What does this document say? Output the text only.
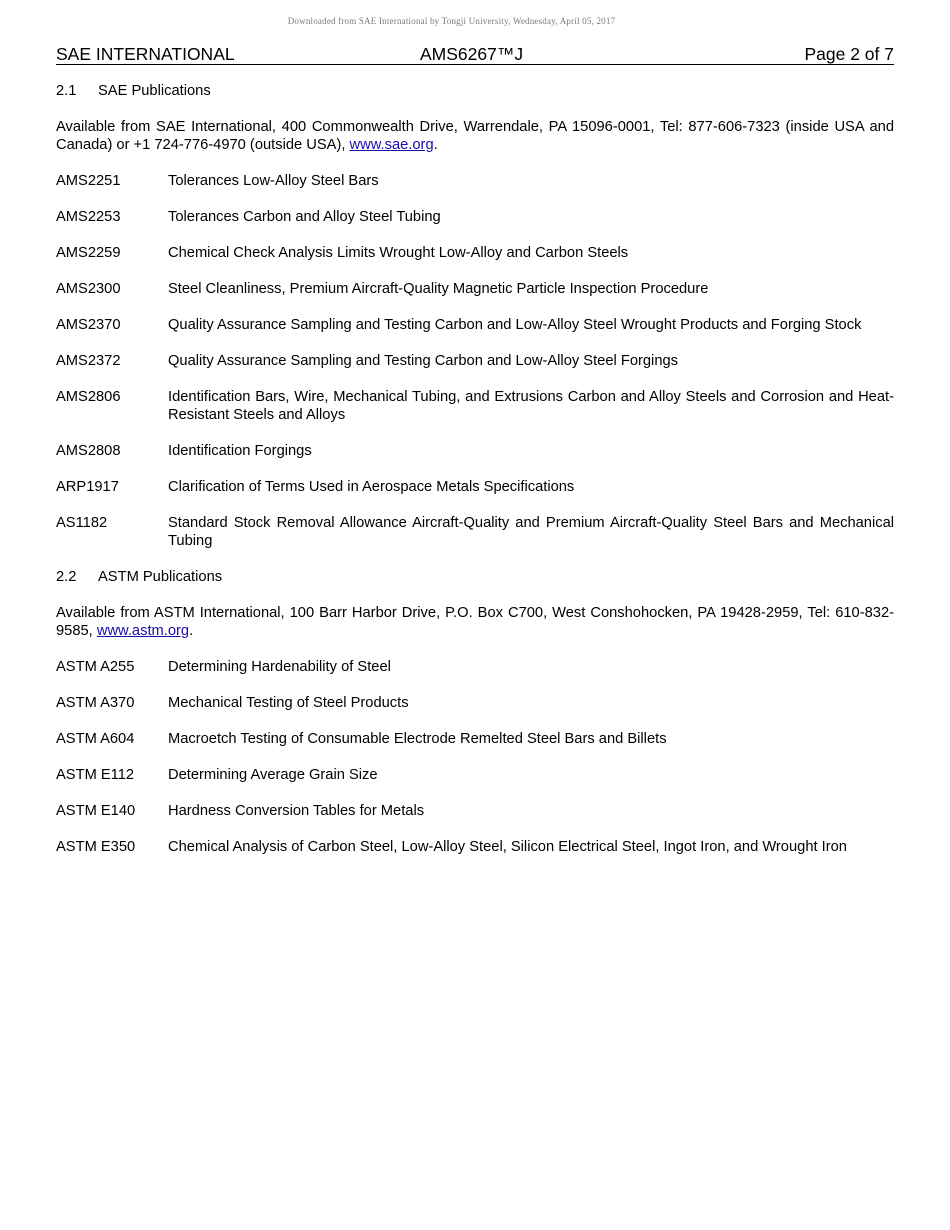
Downloaded from SAE International by Tongji University, Wednesday, April 05, 2017
SAE INTERNATIONAL	AMS6267™J	Page 2 of 7
2.1 SAE Publications

Available from SAE International, 400 Commonwealth Drive, Warrendale, PA 15096-0001, Tel: 877-606-7323 (inside USA and Canada) or +1 724-776-4970 (outside USA), www.sae.org.

AMS2251	Tolerances Low-Alloy Steel Bars
AMS2253	Tolerances Carbon and Alloy Steel Tubing
AMS2259	Chemical Check Analysis Limits Wrought Low-Alloy and Carbon Steels
AMS2300	Steel Cleanliness, Premium Aircraft-Quality Magnetic Particle Inspection Procedure
AMS2370	Quality Assurance Sampling and Testing Carbon and Low-Alloy Steel Wrought Products and Forging Stock
AMS2372	Quality Assurance Sampling and Testing Carbon and Low-Alloy Steel Forgings
AMS2806	Identification Bars, Wire, Mechanical Tubing, and Extrusions Carbon and Alloy Steels and Corrosion and Heat-Resistant Steels and Alloys
AMS2808	Identification Forgings
ARP1917	Clarification of Terms Used in Aerospace Metals Specifications
AS1182	Standard Stock Removal Allowance Aircraft-Quality and Premium Aircraft-Quality Steel Bars and Mechanical Tubing
2.2 ASTM Publications

Available from ASTM International, 100 Barr Harbor Drive, P.O. Box C700, West Conshohocken, PA 19428-2959, Tel: 610-832-9585, www.astm.org.

ASTM A255	Determining Hardenability of Steel
ASTM A370	Mechanical Testing of Steel Products
ASTM A604	Macroetch Testing of Consumable Electrode Remelted Steel Bars and Billets
ASTM E112	Determining Average Grain Size
ASTM E140	Hardness Conversion Tables for Metals
ASTM E350	Chemical Analysis of Carbon Steel, Low-Alloy Steel, Silicon Electrical Steel, Ingot Iron, and Wrought Iron
